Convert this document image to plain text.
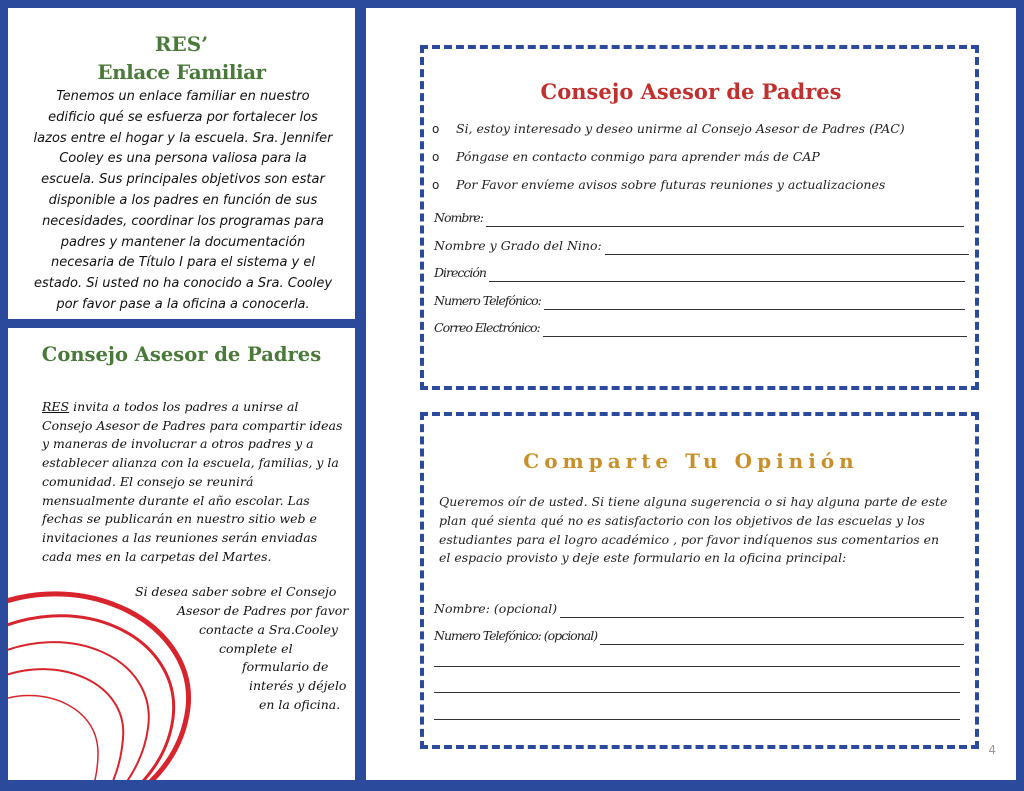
RES’
Enlace Familiar

Tenemos un enlace familiar en nuestro edificio qué se esfuerza por fortalecer los lazos entre el hogar y la escuela. Sra. Jennifer Cooley es una persona valiosa para la escuela. Sus principales objetivos son estar disponible a los padres en función de sus necesidades, coordinar los programas para padres y mantener la documentación necesaria de Título I para el sistema y el estado. Si usted no ha conocido a Sra. Cooley por favor pase a la oficina a conocerla.

Consejo Asesor de Padres

RES invita a todos los padres a unirse al Consejo Asesor de Padres para compartir ideas y maneras de involucrar a otros padres y a establecer alianza con la escuela, familias, y la comunidad. El consejo se reunirá mensualmente durante el año escolar. Las fechas se publicarán en nuestro sitio web e invitaciones a las reuniones serán enviadas cada mes en la carpetas del Martes.

Si desea saber sobre el Consejo

Asesor de Padres por favor

contacte a Sra.Cooley

complete el

formulario de

interés y déjelo

en la oficina.

Consejo Asesor de Padres
o Si, estoy interesado y deseo unirme al Consejo Asesor de Padres (PAC)
o Póngase en contacto conmigo para aprender más de CAP
o Por Favor envíeme avisos sobre futuras reuniones y actualizaciones
Nombre:
Nombre y Grado del Nino:
Dirección
Numero Telefónico:
Correo Electrónico:
Comparte Tu Opinión

Queremos oír de usted. Si tiene alguna sugerencia o si hay alguna parte de este plan qué sienta qué no es satisfactorio con los objetivos de las escuelas y los estudiantes para el logro académico , por favor indíquenos sus comentarios en el espacio provisto y deje este formulario en la oficina principal:

Nombre: (opcional)
Numero Telefónico: (opcional)
4
